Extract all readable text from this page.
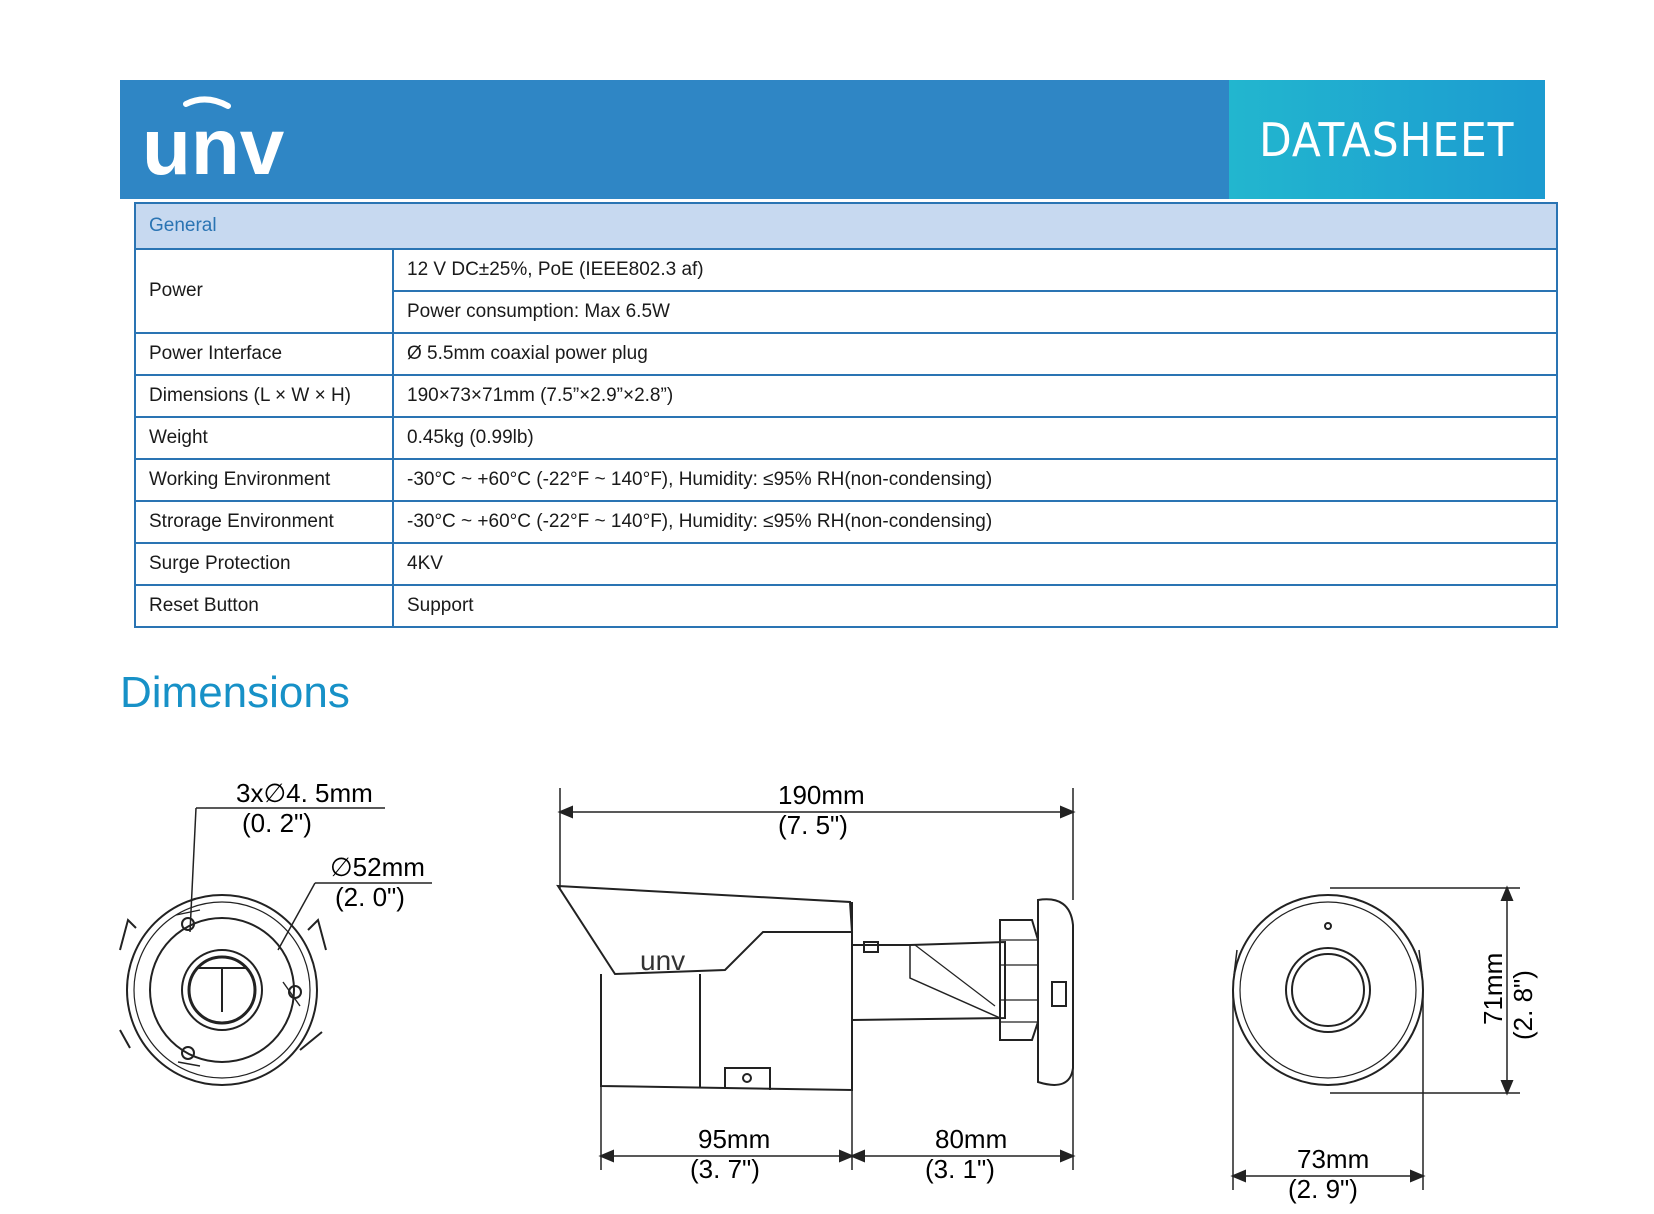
unv	DATASHEET
General	
Power	12 V DC±25%, PoE (IEEE802.3 af)
	Power consumption: Max 6.5W
Power Interface	Ø 5.5mm coaxial power plug
Dimensions (L × W × H)	190×73×71mm (7.5”×2.9”×2.8”)
Weight	0.45kg (0.99lb)
Working Environment	-30°C ~ +60°C (-22°F ~ 140°F), Humidity: ≤95% RH(non-condensing)
Strorage Environment	-30°C ~ +60°C (-22°F ~ 140°F), Humidity: ≤95% RH(non-condensing)
Surge Protection	4KV
Reset Button	Support
Dimensions
3x∅4. 5mm
(0. 2")
∅52mm
(2. 0")
190mm
(7. 5")
unv
95mm
(3. 7")
80mm
(3. 1")
71mm (2. 8")
73mm
(2. 9")
